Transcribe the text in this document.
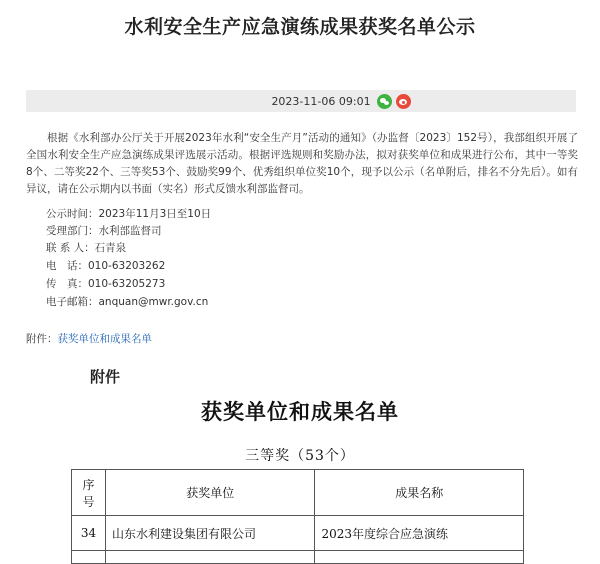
水利安全生产应急演练成果获奖名单公示
2023-11-06 09:01

根据《水利部办公厅关于开展2023年水利“安全生产月”活动的通知》（办监督〔2023〕152号），我部组织开展了全国水利安全生产应急演练成果评选展示活动。根据评选规则和奖励办法，拟对获奖单位和成果进行公布，其中一等奖8个、二等奖22个、三等奖53个、鼓励奖99个、优秀组织单位奖10个，现予以公示（名单附后，排名不分先后）。如有异议，请在公示期内以书面（实名）形式反馈水利部监督司。

公示时间：2023年11月3日至10日
受理部门：水利部监督司
联 系 人：石青泉
电　话：010-63203262
传　真：010-63205273
电子邮箱：anquan@mwr.gov.cn
附件：获奖单位和成果名单
附件
获奖单位和成果名单
三等奖（53个）
序
号	获奖单位	成果名称
34	山东水利建设集团有限公司	2023年度综合应急演练
